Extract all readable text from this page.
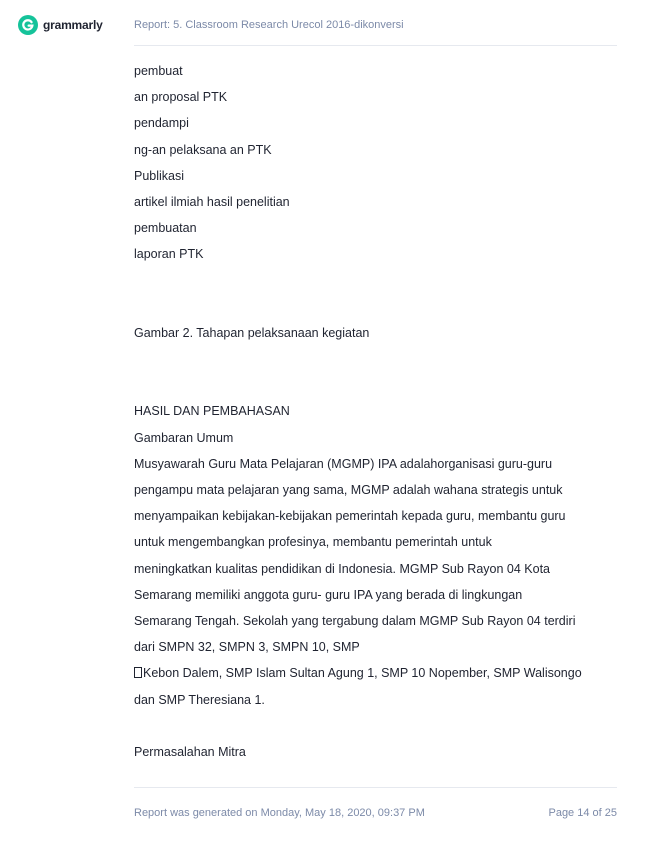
grammarly	Report: 5. Classroom Research Urecol 2016-dikonversi
pembuat
an proposal PTK
pendampi
ng-an pelaksana an PTK
Publikasi
artikel ilmiah hasil penelitian
pembuatan
laporan PTK
Gambar 2. Tahapan pelaksanaan kegiatan
HASIL DAN PEMBAHASAN
Gambaran Umum
Musyawarah Guru Mata Pelajaran (MGMP) IPA adalahorganisasi guru-guru
pengampu mata pelajaran yang sama, MGMP adalah wahana strategis untuk
menyampaikan kebijakan-kebijakan pemerintah kepada guru, membantu guru
untuk mengembangkan profesinya, membantu pemerintah untuk
meningkatkan kualitas pendidikan di Indonesia. MGMP Sub Rayon 04 Kota
Semarang memiliki anggota guru- guru IPA yang berada di lingkungan
Semarang Tengah. Sekolah yang tergabung dalam MGMP Sub Rayon 04 terdiri
dari SMPN 32, SMPN 3, SMPN 10, SMP
Kebon Dalem, SMP Islam Sultan Agung 1, SMP 10 Nopember, SMP Walisongo
dan SMP Theresiana 1.
Permasalahan Mitra
Report was generated on Monday, May 18, 2020, 09:37 PM	Page 14 of 25
